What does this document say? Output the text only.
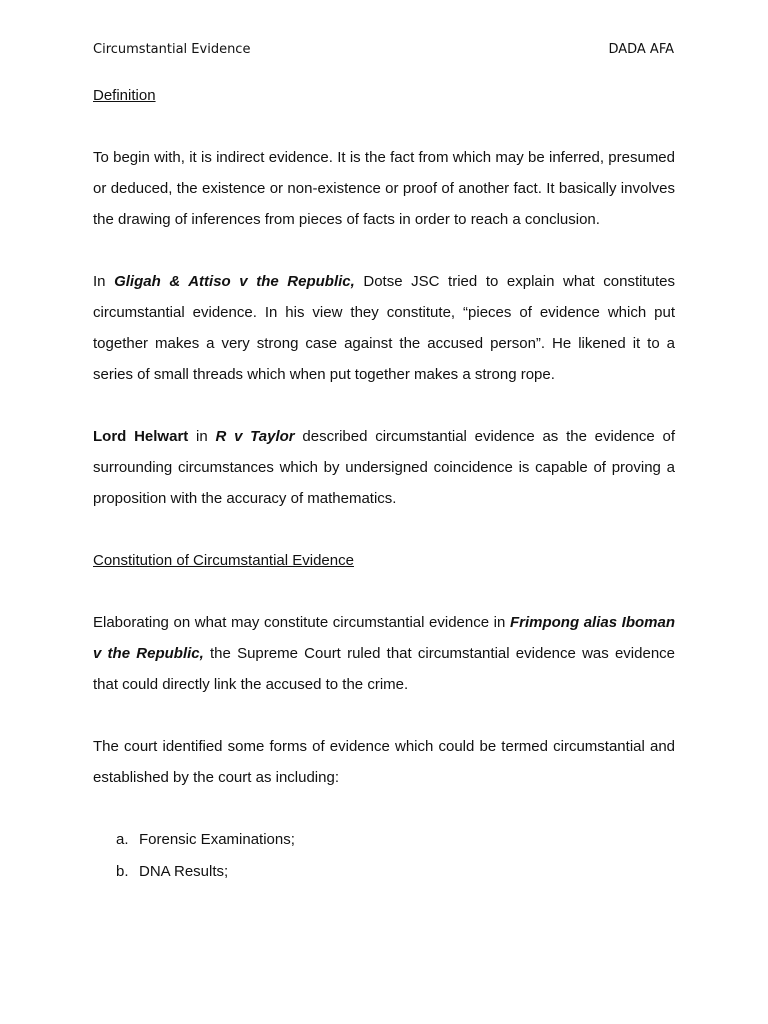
Circumstantial Evidence	DADA AFA
Definition

To begin with, it is indirect evidence. It is the fact from which may be inferred, presumed or deduced, the existence or non-existence or proof of another fact. It basically involves the drawing of inferences from pieces of facts in order to reach a conclusion.

In Gligah & Attiso v the Republic, Dotse JSC tried to explain what constitutes circumstantial evidence. In his view they constitute, “pieces of evidence which put together makes a very strong case against the accused person”. He likened it to a series of small threads which when put together makes a strong rope.

Lord Helwart in R v Taylor described circumstantial evidence as the evidence of surrounding circumstances which by undersigned coincidence is capable of proving a proposition with the accuracy of mathematics.

Constitution of Circumstantial Evidence

Elaborating on what may constitute circumstantial evidence in Frimpong alias Iboman v the Republic, the Supreme Court ruled that circumstantial evidence was evidence that could directly link the accused to the crime.

The court identified some forms of evidence which could be termed circumstantial and established by the court as including:

a. Forensic Examinations;
b. DNA Results;
